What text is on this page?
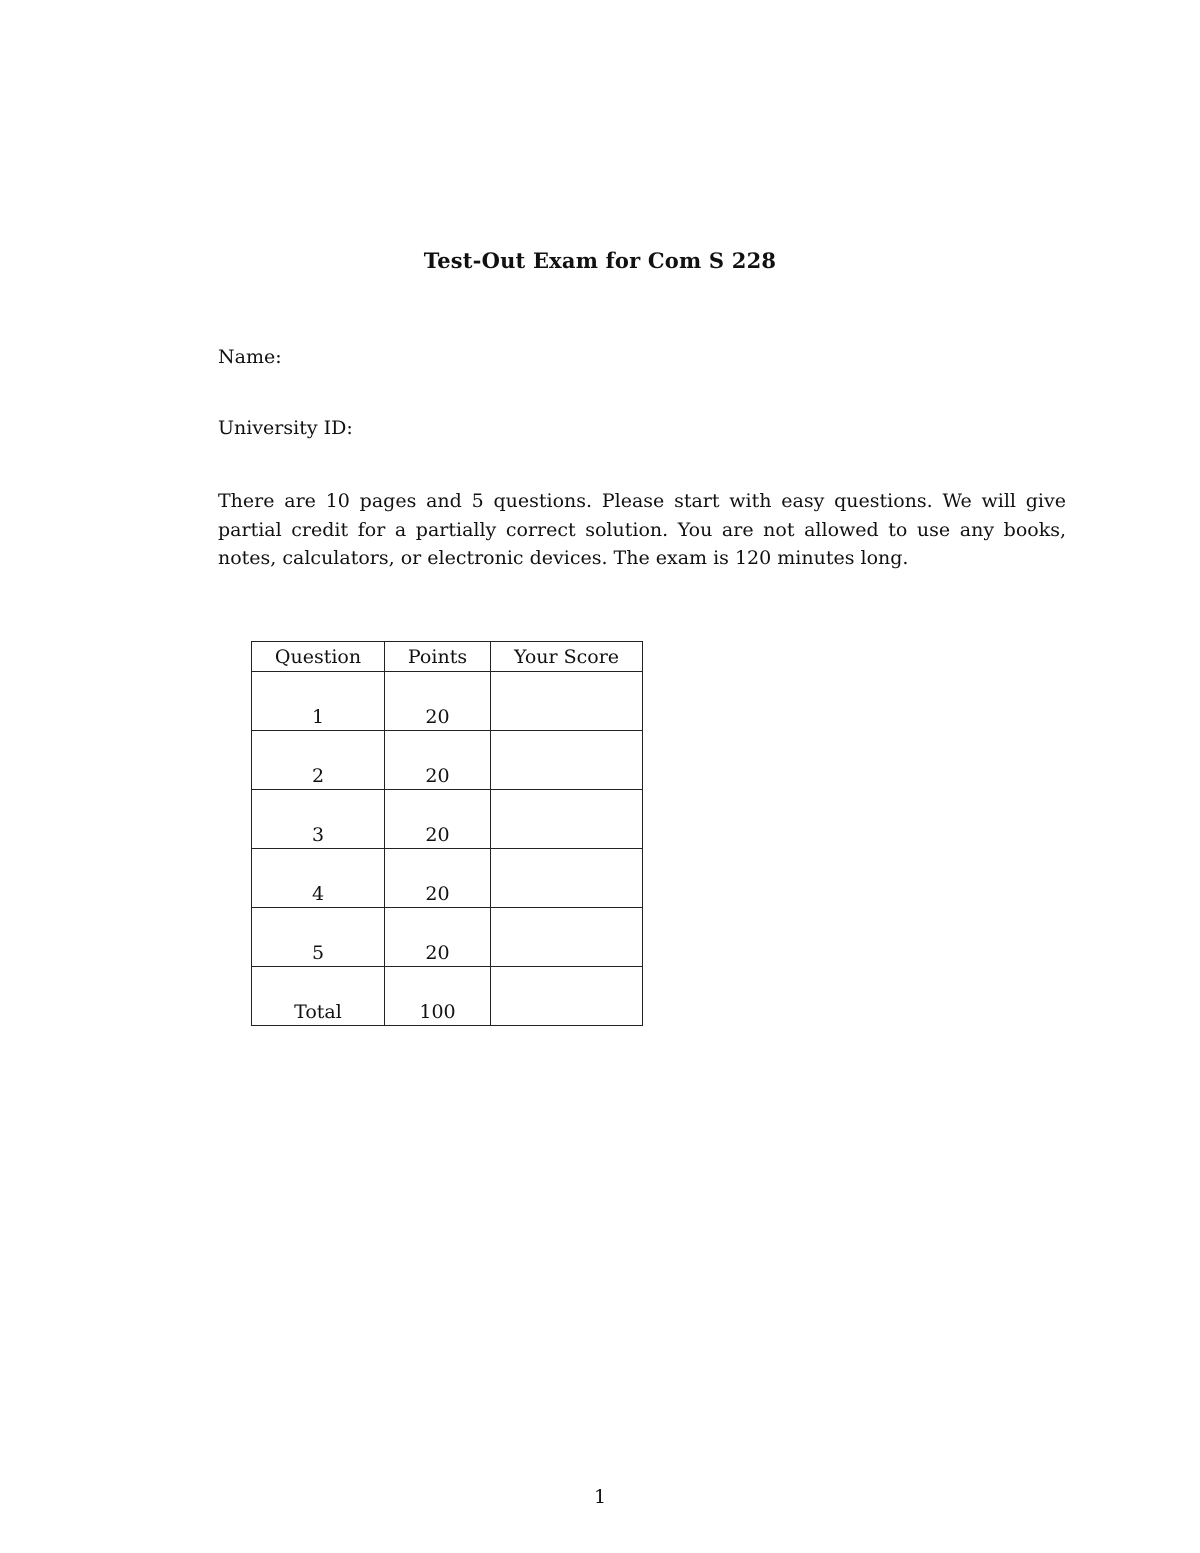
Test-Out Exam for Com S 228
Name:
University ID:
There are 10 pages and 5 questions. Please start with easy questions. We will give partial credit for a partially correct solution. You are not allowed to use any books, notes, calculators, or electronic devices. The exam is 120 minutes long.
Question	Points	Your Score
1	20	
2	20	
3	20	
4	20	
5	20	
Total	100	
1
